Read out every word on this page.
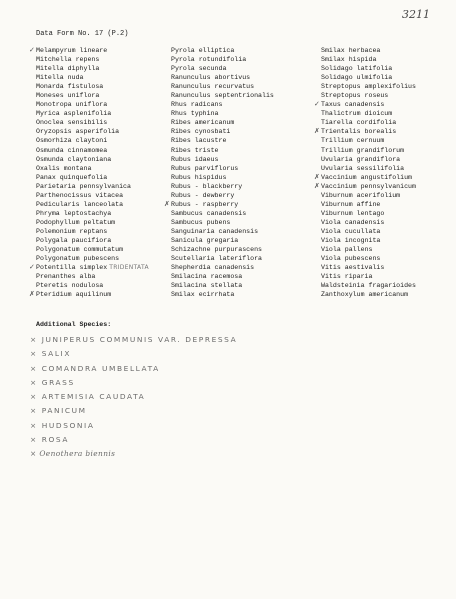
3211
Data Form No. 17 (P.2)
✓ Melampyrum lineare
Mitchella repens
Mitella diphylla
Mitella nuda
Monarda fistulosa
Moneses uniflora
Monotropa uniflora
Myrica asplenifolia
Onoclea sensibilis
Oryzopsis asperifolia
Osmorhiza claytoni
Osmunda cinnamomea
Osmunda claytoniana
Oxalis montana
Panax quinquefolia
Parietaria pennsylvanica
Parthenocissus vitacea
Pedicularis lanceolata
Phryma leptostachya
Podophyllum peltatum
Polemonium reptans
Polygala paucifiora
Polygonatum commutatum
Polygonatum pubescens
✓ Potentilla simplex TRIDENTATA
Prenanthes alba
Pteretis nodulosa
✗ Pteridium aquilinum
Pyrola elliptica
Pyrola rotundifolia
Pyrola secunda
Ranunculus abortivus
Ranunculus recurvatus
Ranunculus septentrionalis
Rhus radicans
Rhus typhina
Ribes americanum
Ribes cynosbati
Ribes lacustre
Ribes triste
Rubus idaeus
Rubus parviflorus
Rubus hispidus
Rubus - blackberry
Rubus - dewberry
✗ Rubus - raspberry
Sambucus canadensis
Sambucus pubens
Sanguinaria canadensis
Sanicula gregaria
Schizachne purpurascens
Scutellaria lateriflora
Shepherdia canadensis
Smilacina racemosa
Smilacina stellata
Smilax ecirrhata
Smilax herbacea
Smilax hispida
Solidago latifolia
Solidago ulmifolia
Streptopus amplexifolius
Streptopus roseus
✓ Taxus canadensis
Thalictrum dioicum
Tiarella cordifolia
✗ Trientalis borealis
Trillium cernuum
Trillium grandiflorum
Uvularia grandiflora
Uvularia sessilifolia
✗ Vaccinium angustifolium
✗ Vaccinium pennsylvanicum
Viburnum acerifolium
Viburnum affine
Viburnum lentago
Viola canadensis
Viola cucullata
Viola incognita
Viola pallens
Viola pubescens
Vitis aestivalis
Vitis riparia
Waldsteinia fragarioides
Zanthoxylum americanum
Additional Species:
× JUNIPERUS COMMUNIS VAR. DEPRESSA
× SALIX
× COMANDRA UMBELLATA
× GRASS
× ARTEMISIA CAUDATA
× PANICUM
× HUDSONIA
× ROSA
× Oenothera biennis
